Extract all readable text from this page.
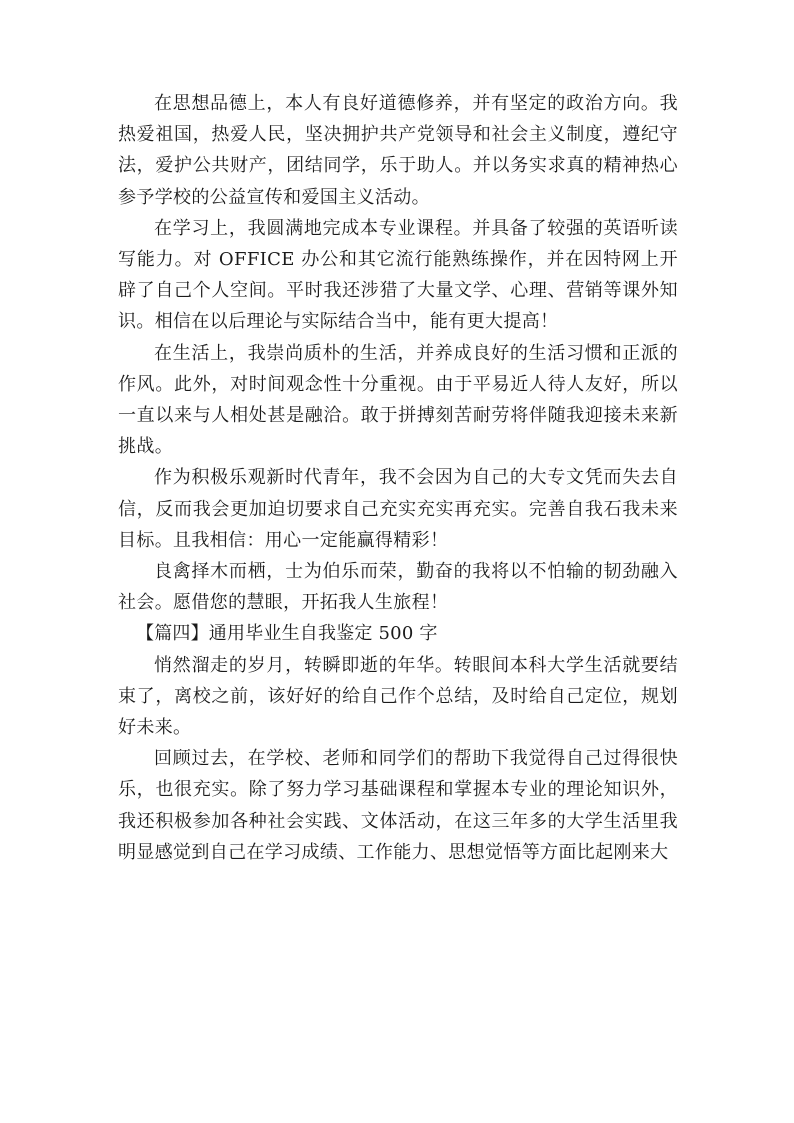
在思想品德上，本人有良好道德修养，并有坚定的政治方向。我热爱祖国，热爱人民，坚决拥护共产党领导和社会主义制度，遵纪守法，爱护公共财产，团结同学，乐于助人。并以务实求真的精神热心参予学校的公益宣传和爱国主义活动。

在学习上，我圆满地完成本专业课程。并具备了较强的英语听读写能力。对 OFFICE 办公和其它流行能熟练操作，并在因特网上开辟了自己个人空间。平时我还涉猎了大量文学、心理、营销等课外知识。相信在以后理论与实际结合当中，能有更大提高！

在生活上，我崇尚质朴的生活，并养成良好的生活习惯和正派的作风。此外，对时间观念性十分重视。由于平易近人待人友好，所以一直以来与人相处甚是融洽。敢于拼搏刻苦耐劳将伴随我迎接未来新挑战。

作为积极乐观新时代青年，我不会因为自己的大专文凭而失去自信，反而我会更加迫切要求自己充实充实再充实。完善自我石我未来目标。且我相信：用心一定能赢得精彩！

良禽择木而栖，士为伯乐而荣，勤奋的我将以不怕输的韧劲融入社会。愿借您的慧眼，开拓我人生旅程！

【篇四】通用毕业生自我鉴定 500 字

悄然溜走的岁月，转瞬即逝的年华。转眼间本科大学生活就要结束了，离校之前，该好好的给自己作个总结，及时给自己定位，规划好未来。

回顾过去，在学校、老师和同学们的帮助下我觉得自己过得很快乐，也很充实。除了努力学习基础课程和掌握本专业的理论知识外，我还积极参加各种社会实践、文体活动，在这三年多的大学生活里我明显感觉到自己在学习成绩、工作能力、思想觉悟等方面比起刚来大
